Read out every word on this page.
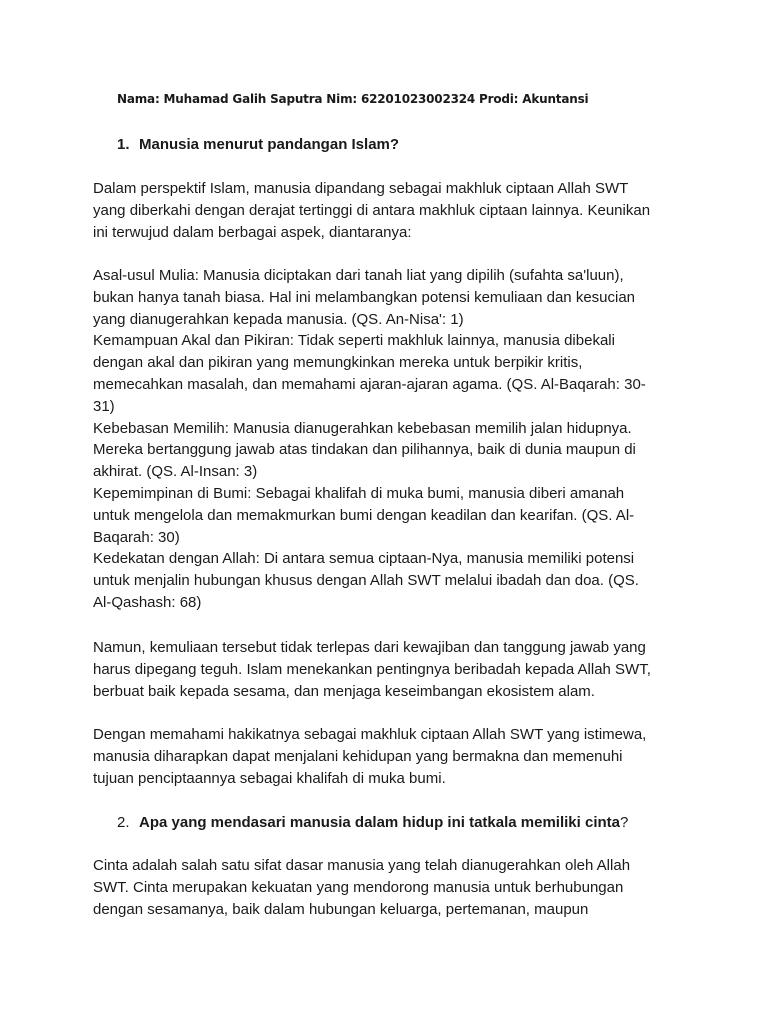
Nama: Muhamad Galih Saputra Nim: 62201023002324 Prodi: Akuntansi
1. Manusia menurut pandangan Islam?
Dalam perspektif Islam, manusia dipandang sebagai makhluk ciptaan Allah SWT
yang diberkahi dengan derajat tertinggi di antara makhluk ciptaan lainnya. Keunikan
ini terwujud dalam berbagai aspek, diantaranya:
Asal-usul Mulia: Manusia diciptakan dari tanah liat yang dipilih (sufahta sa'luun),
bukan hanya tanah biasa. Hal ini melambangkan potensi kemuliaan dan kesucian
yang dianugerahkan kepada manusia. (QS. An-Nisa': 1)
Kemampuan Akal dan Pikiran: Tidak seperti makhluk lainnya, manusia dibekali
dengan akal dan pikiran yang memungkinkan mereka untuk berpikir kritis,
memecahkan masalah, dan memahami ajaran-ajaran agama. (QS. Al-Baqarah: 30-
31)
Kebebasan Memilih: Manusia dianugerahkan kebebasan memilih jalan hidupnya.
Mereka bertanggung jawab atas tindakan dan pilihannya, baik di dunia maupun di
akhirat. (QS. Al-Insan: 3)
Kepemimpinan di Bumi: Sebagai khalifah di muka bumi, manusia diberi amanah
untuk mengelola dan memakmurkan bumi dengan keadilan dan kearifan. (QS. Al-
Baqarah: 30)
Kedekatan dengan Allah: Di antara semua ciptaan-Nya, manusia memiliki potensi
untuk menjalin hubungan khusus dengan Allah SWT melalui ibadah dan doa. (QS.
Al-Qashash: 68)
Namun, kemuliaan tersebut tidak terlepas dari kewajiban dan tanggung jawab yang
harus dipegang teguh. Islam menekankan pentingnya beribadah kepada Allah SWT,
berbuat baik kepada sesama, dan menjaga keseimbangan ekosistem alam.
Dengan memahami hakikatnya sebagai makhluk ciptaan Allah SWT yang istimewa,
manusia diharapkan dapat menjalani kehidupan yang bermakna dan memenuhi
tujuan penciptaannya sebagai khalifah di muka bumi.
2. Apa yang mendasari manusia dalam hidup ini tatkala memiliki cinta?
Cinta adalah salah satu sifat dasar manusia yang telah dianugerahkan oleh Allah
SWT. Cinta merupakan kekuatan yang mendorong manusia untuk berhubungan
dengan sesamanya, baik dalam hubungan keluarga, pertemanan, maupun
